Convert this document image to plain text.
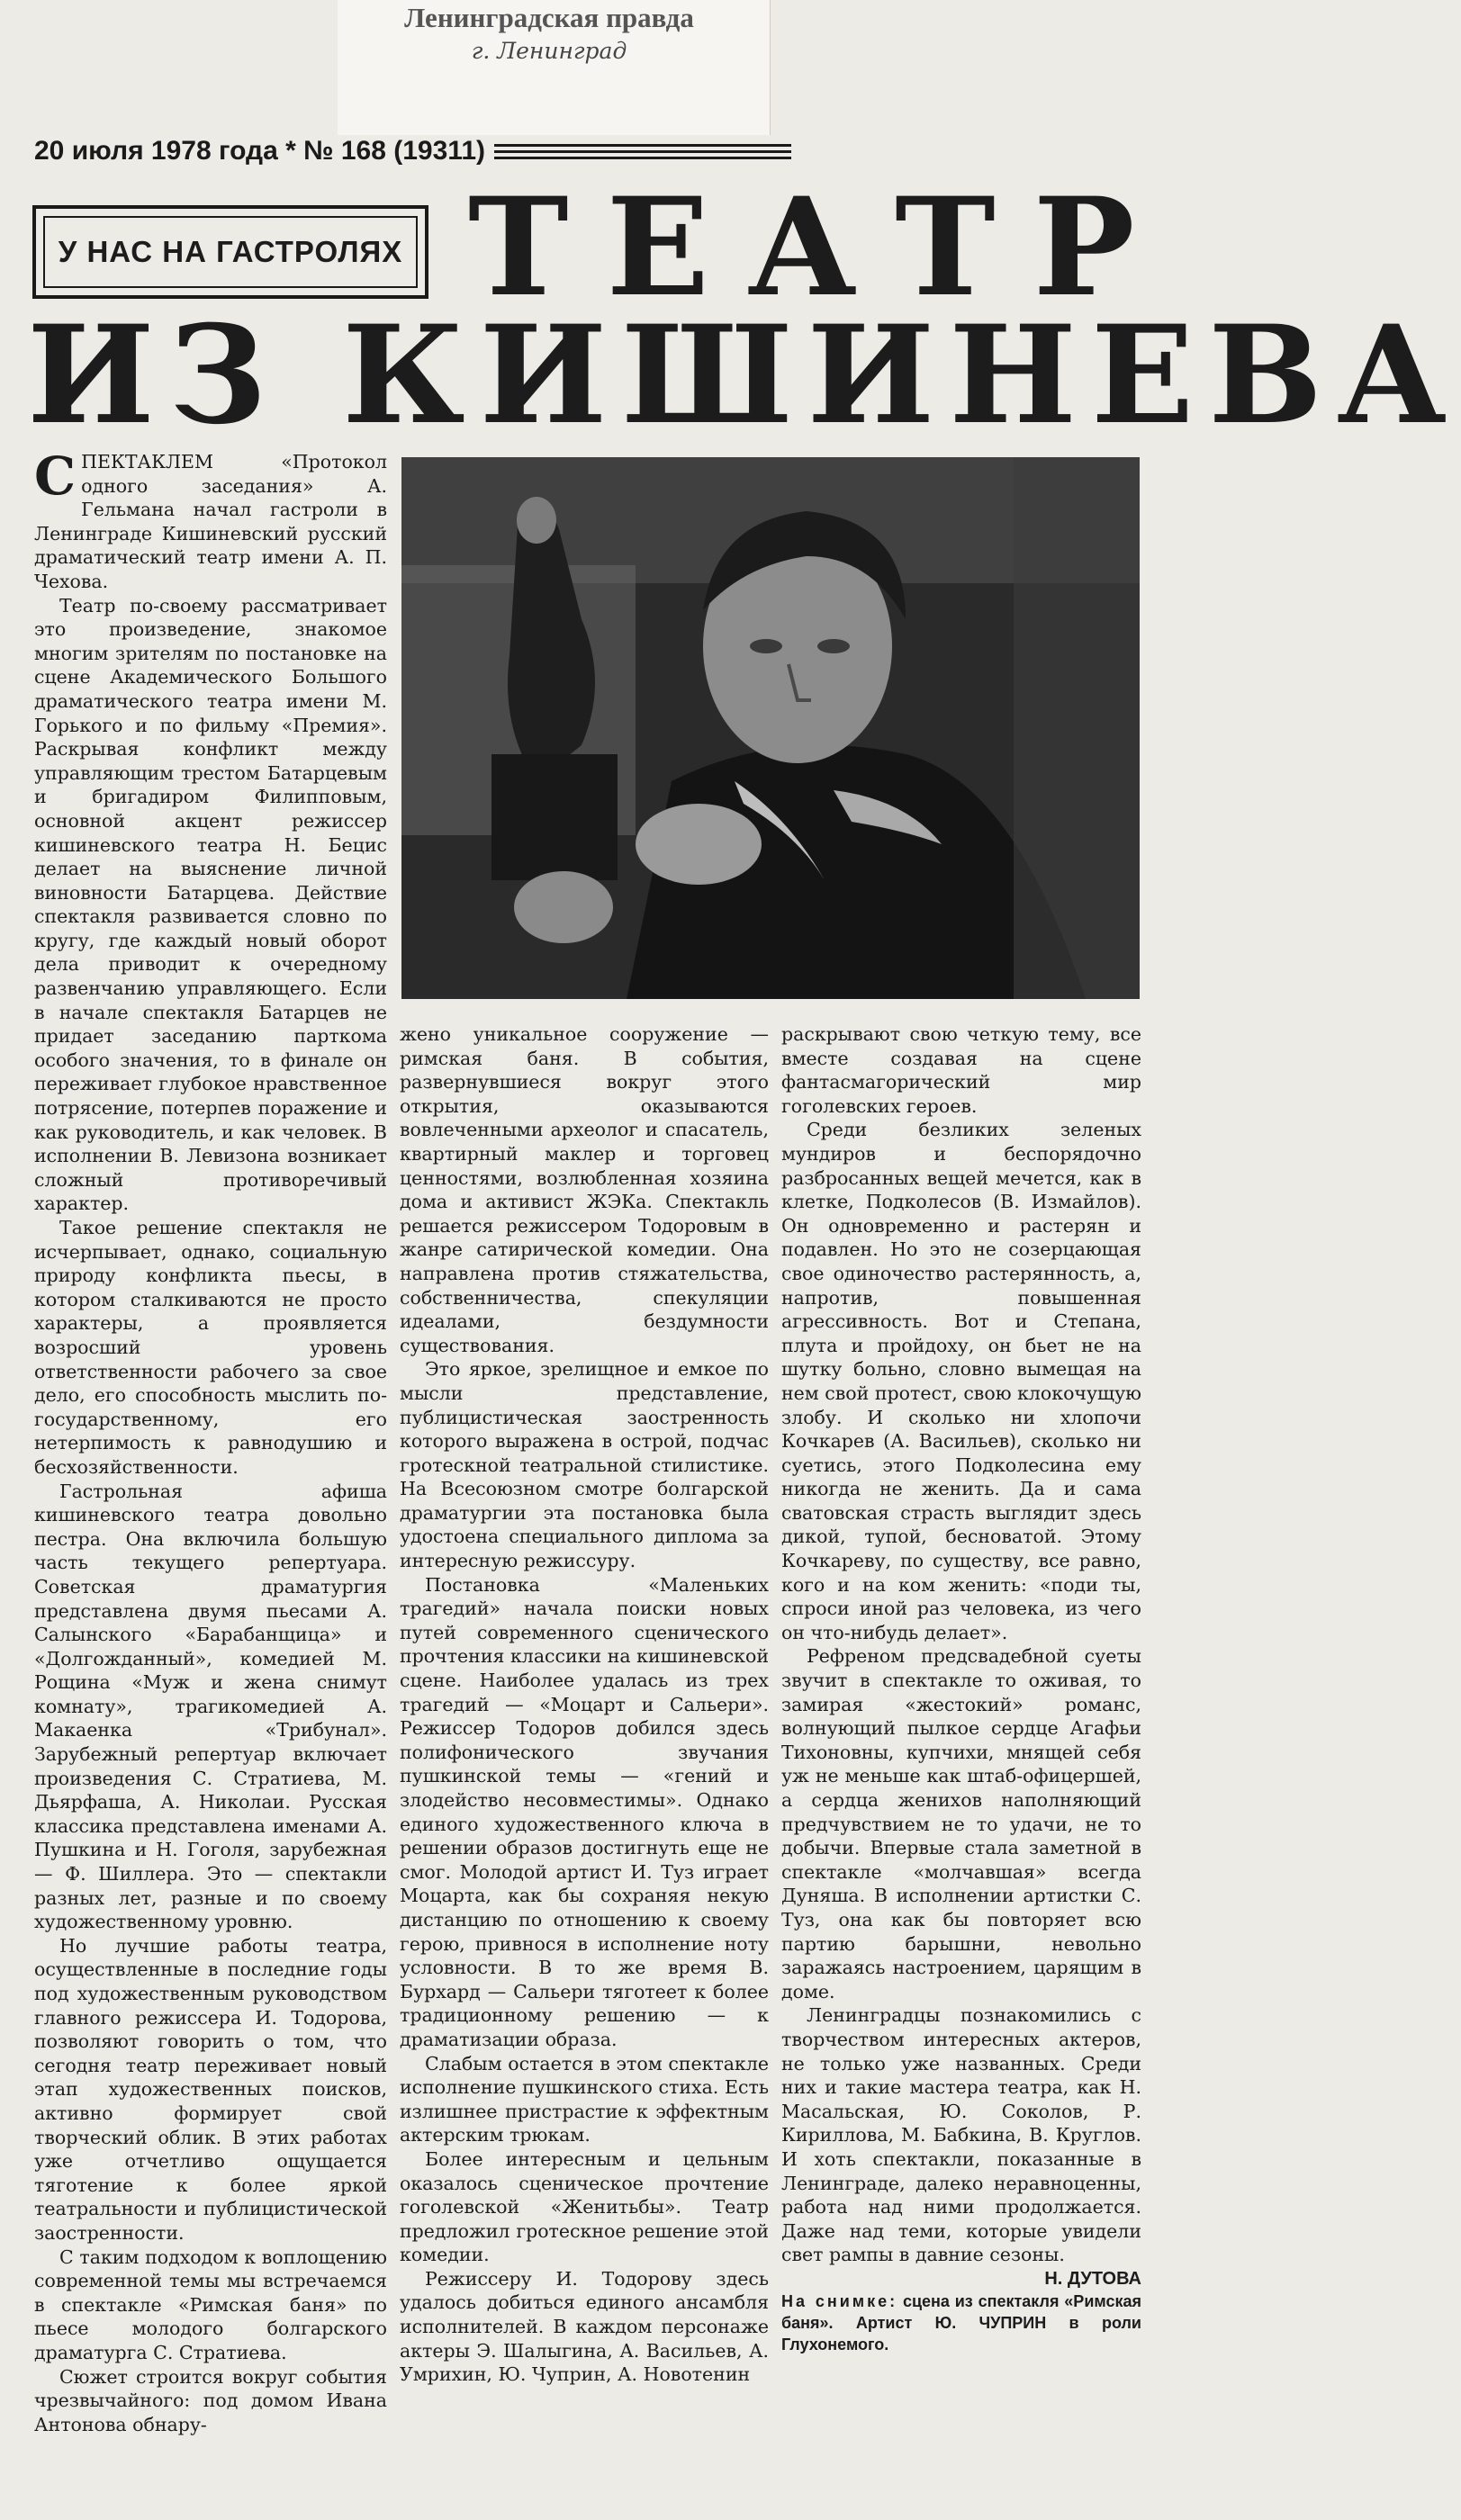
Ленинградская правда
г. Ленинград
20 июля 1978 года * № 168 (19311)
У НАС НА ГАСТРОЛЯХ ТЕАТР
ИЗ КИШИНЕВА

СПЕКТАКЛЕМ «Протокол одного заседания» А. Гельмана начал гастроли в Ленинграде Кишиневский русский драматический театр имени А. П. Чехова.

Театр по-своему рассматривает это произведение, знакомое многим зрителям по постановке на сцене Академического Большого драматического театра имени М. Горького и по фильму «Премия». Раскрывая конфликт между управляющим трестом Батарцевым и бригадиром Филипповым, основной акцент режиссер кишиневского театра Н. Бецис делает на выяснение личной виновности Батарцева. Действие спектакля развивается словно по кругу, где каждый новый оборот дела приводит к очередному развенчанию управляющего. Если в начале спектакля Батарцев не придает заседанию парткома особого значения, то в финале он переживает глубокое нравственное потрясение, потерпев поражение и как руководитель, и как человек. В исполнении В. Левизона возникает сложный противоречивый характер.

Такое решение спектакля не исчерпывает, однако, социальную природу конфликта пьесы, в котором сталкиваются не просто характеры, а проявляется возросший уровень ответственности рабочего за свое дело, его способность мыслить по-государственному, его нетерпимость к равнодушию и бесхозяйственности.

Гастрольная афиша кишиневского театра довольно пестра. Она включила большую часть текущего репертуара. Советская драматургия представлена двумя пьесами А. Салынского «Барабанщица» и «Долгожданный», комедией М. Рощина «Муж и жена снимут комнату», трагикомедией А. Макаенка «Трибунал». Зарубежный репертуар включает произведения С. Стратиева, М. Дьярфаша, А. Николаи. Русская классика представлена именами А. Пушкина и Н. Гоголя, зарубежная — Ф. Шиллера. Это — спектакли разных лет, разные и по своему художественному уровню.

Но лучшие работы театра, осуществленные в последние годы под художественным руководством главного режиссера И. Тодорова, позволяют говорить о том, что сегодня театр переживает новый этап художественных поисков, активно формирует свой творческий облик. В этих работах уже отчетливо ощущается тяготение к более яркой театральности и публицистической заостренности.

С таким подходом к воплощению современной темы мы встречаемся в спектакле «Римская баня» по пьесе молодого болгарского драматурга С. Стратиева.

Сюжет строится вокруг события чрезвычайного: под домом Ивана Антонова обнару-

жено уникальное сооружение — римская баня. В события, развернувшиеся вокруг этого открытия, оказываются вовлеченными археолог и спасатель, квартирный маклер и торговец ценностями, возлюбленная хозяина дома и активист ЖЭКа. Спектакль решается режиссером Тодоровым в жанре сатирической комедии. Она направлена против стяжательства, собственничества, спекуляции идеалами, бездумности существования.

Это яркое, зрелищное и емкое по мысли представление, публицистическая заостренность которого выражена в острой, подчас гротескной театральной стилистике. На Всесоюзном смотре болгарской драматургии эта постановка была удостоена специального диплома за интересную режиссуру.

Постановка «Маленьких трагедий» начала поиски новых путей современного сценического прочтения классики на кишиневской сцене. Наиболее удалась из трех трагедий — «Моцарт и Сальери». Режиссер Тодоров добился здесь полифонического звучания пушкинской темы — «гений и злодейство несовместимы». Однако единого художественного ключа в решении образов достигнуть еще не смог. Молодой артист И. Туз играет Моцарта, как бы сохраняя некую дистанцию по отношению к своему герою, привнося в исполнение ноту условности. В то же время В. Бурхард — Сальери тяготеет к более традиционному решению — к драматизации образа.

Слабым остается в этом спектакле исполнение пушкинского стиха. Есть излишнее пристрастие к эффектным актерским трюкам.

Более интересным и цельным оказалось сценическое прочтение гоголевской «Женитьбы». Театр предложил гротескное решение этой комедии.

Режиссеру И. Тодорову здесь удалось добиться единого ансамбля исполнителей. В каждом персонаже актеры Э. Шалыгина, А. Васильев, А. Умрихин, Ю. Чуприн, А. Новотенин

раскрывают свою четкую тему, все вместе создавая на сцене фантасмагорический мир гоголевских героев.

Среди безликих зеленых мундиров и беспорядочно разбросанных вещей мечется, как в клетке, Подколесов (В. Измайлов). Он одновременно и растерян и подавлен. Но это не созерцающая свое одиночество растерянность, а, напротив, повышенная агрессивность. Вот и Степана, плута и пройдоху, он бьет не на шутку больно, словно вымещая на нем свой протест, свою клокочущую злобу. И сколько ни хлопочи Кочкарев (А. Васильев), сколько ни суетись, этого Подколесина ему никогда не женить. Да и сама сватовская страсть выглядит здесь дикой, тупой, бесноватой. Этому Кочкареву, по существу, все равно, кого и на ком женить: «поди ты, спроси иной раз человека, из чего он что-нибудь делает».

Рефреном предсвадебной суеты звучит в спектакле то оживая, то замирая «жестокий» романс, волнующий пылкое сердце Агафьи Тихоновны, купчихи, мнящей себя уж не меньше как штаб-офицершей, а сердца женихов наполняющий предчувствием не то удачи, не то добычи. Впервые стала заметной в спектакле «молчавшая» всегда Дуняша. В исполнении артистки С. Туз, она как бы повторяет всю партию барышни, невольно заражаясь настроением, царящим в доме.

Ленинградцы познакомились с творчеством интересных актеров, не только уже названных. Среди них и такие мастера театра, как Н. Масальская, Ю. Соколов, Р. Кириллова, М. Бабкина, В. Круглов. И хоть спектакли, показанные в Ленинграде, далеко неравноценны, работа над ними продолжается. Даже над теми, которые увидели свет рампы в давние сезоны.

Н. ДУТОВА

На снимке: сцена из спектакля «Римская баня». Артист Ю. ЧУПРИН в роли Глухонемого.
